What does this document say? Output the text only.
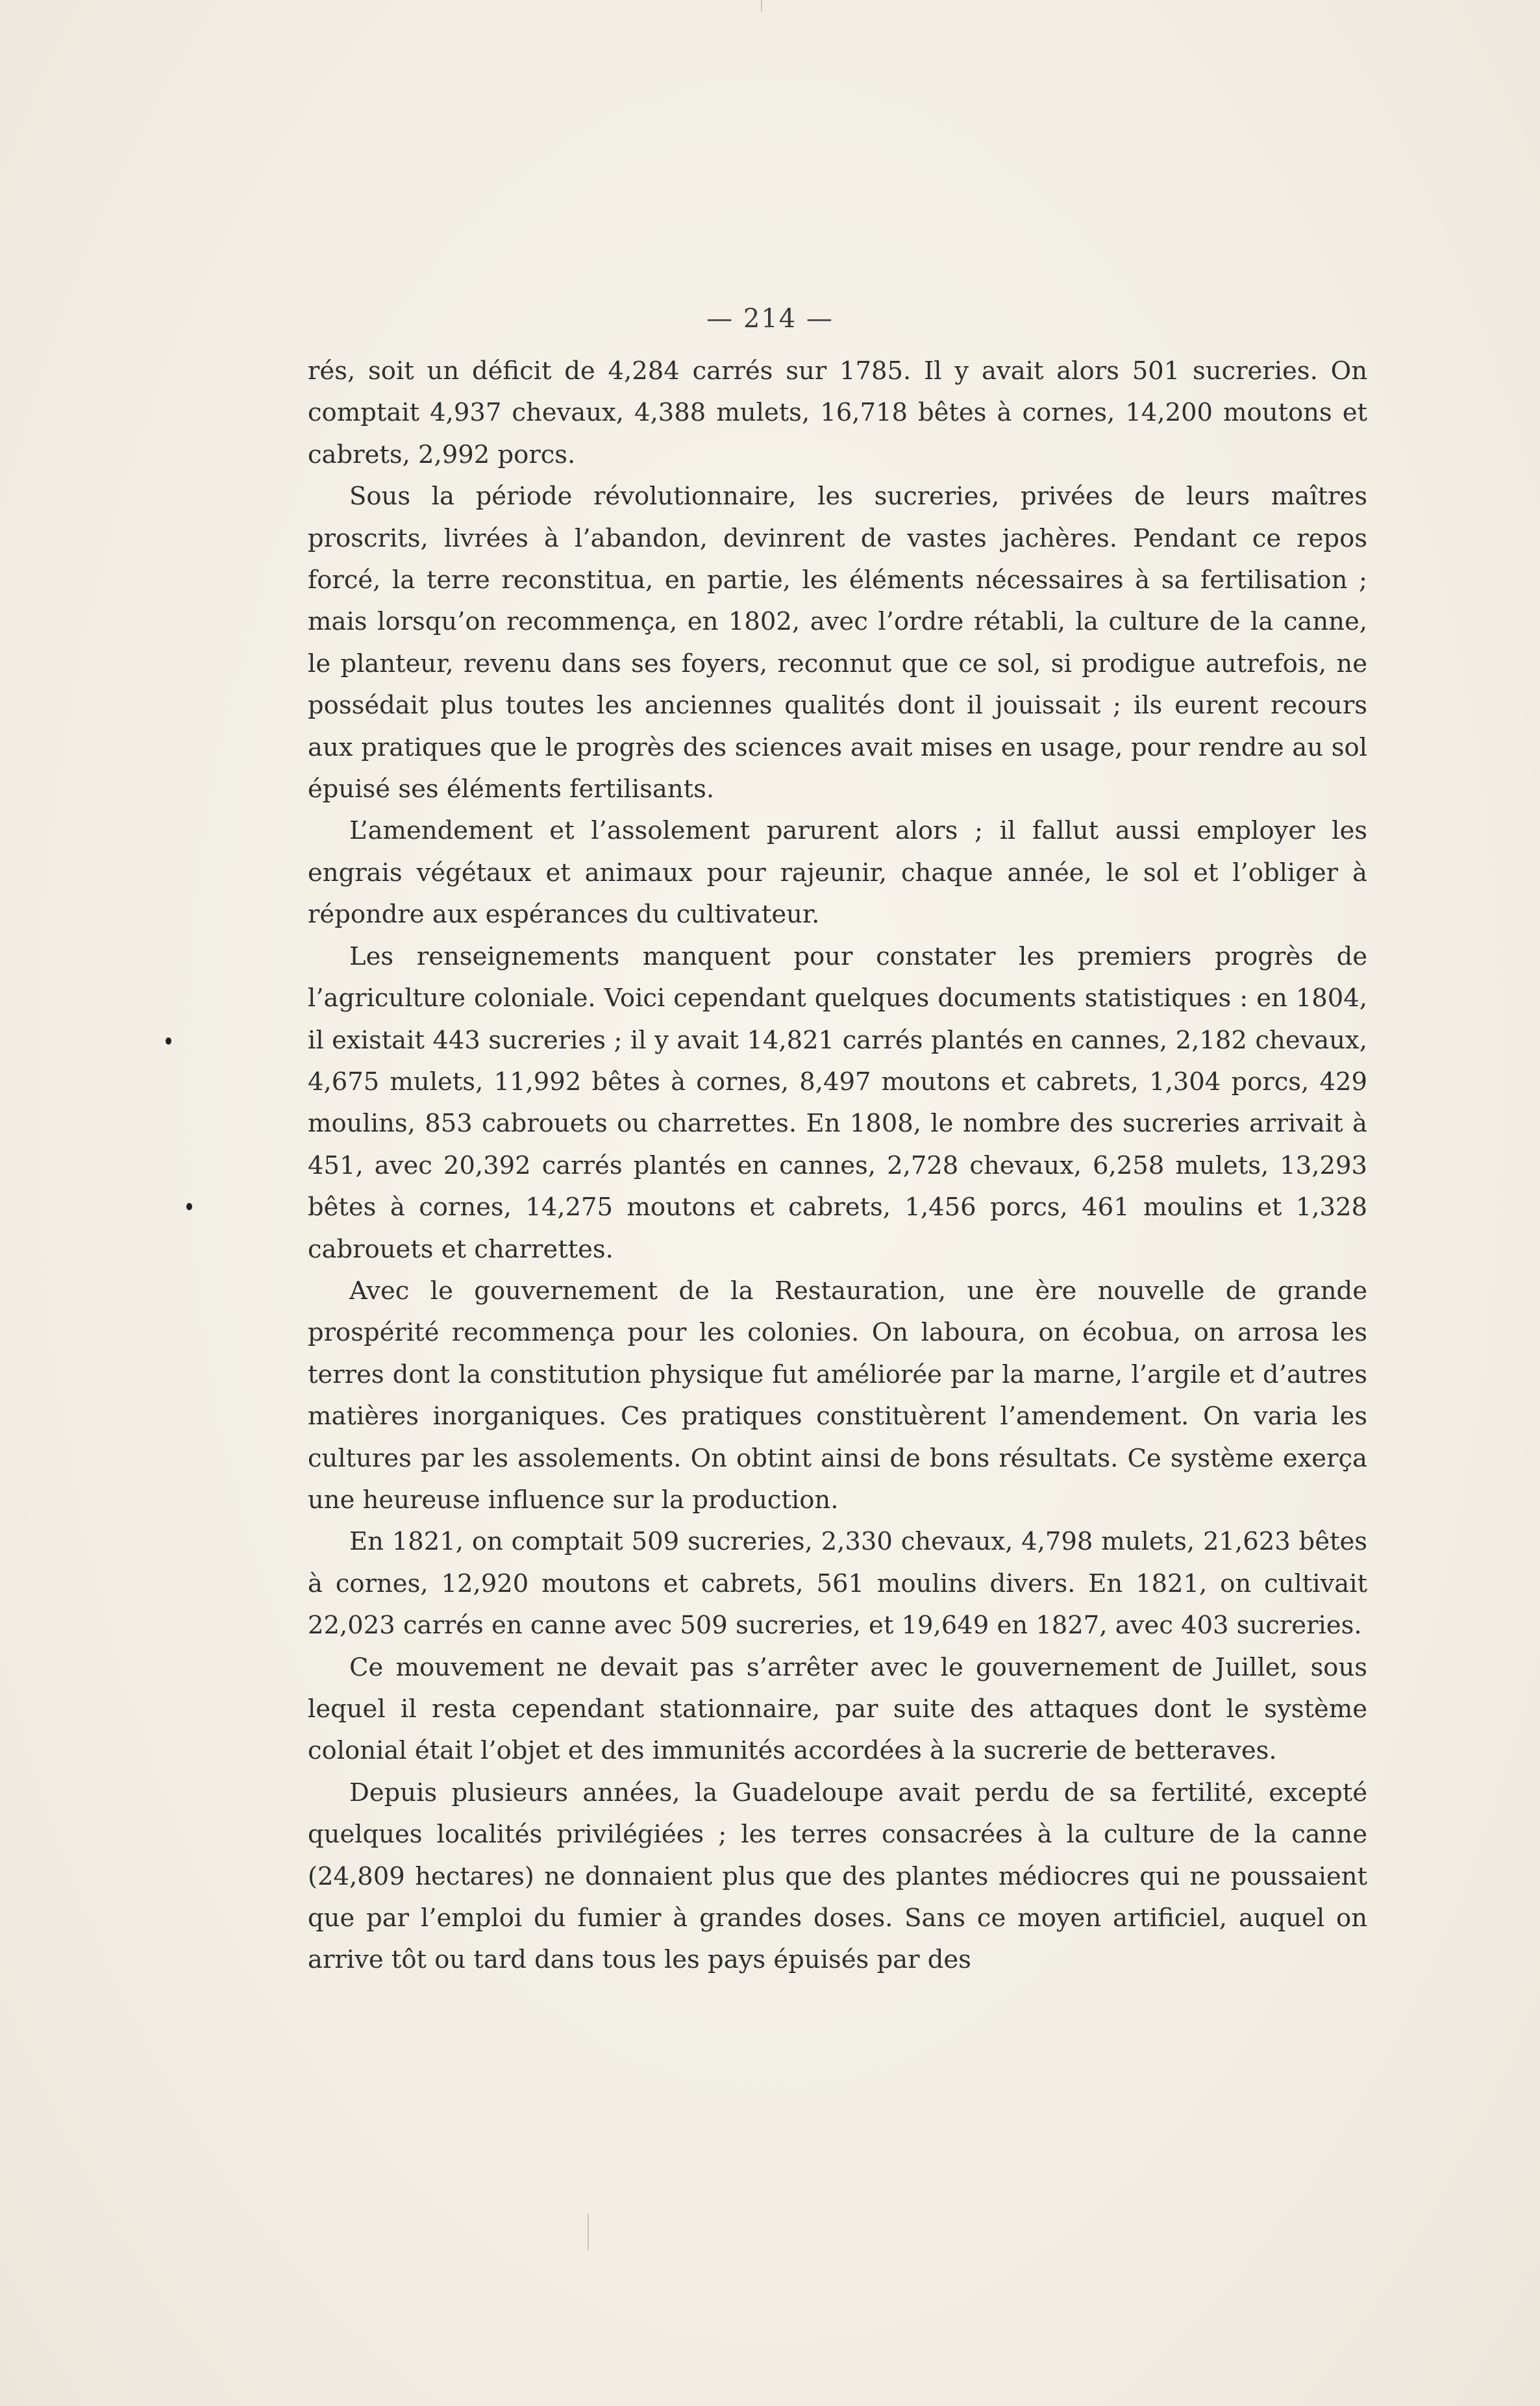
— 214 —

rés, soit un déficit de 4,284 carrés sur 1785. Il y avait alors 501 sucreries. On comptait 4,937 chevaux, 4,388 mulets, 16,718 bêtes à cornes, 14,200 moutons et cabrets, 2,992 porcs.

Sous la période révolutionnaire, les sucreries, privées de leurs maîtres proscrits, livrées à l’abandon, devinrent de vastes jachères. Pendant ce repos forcé, la terre reconstitua, en partie, les éléments nécessaires à sa fertilisation ; mais lorsqu’on recommença, en 1802, avec l’ordre rétabli, la culture de la canne, le planteur, revenu dans ses foyers, reconnut que ce sol, si prodigue autrefois, ne possédait plus toutes les anciennes qualités dont il jouissait ; ils eurent recours aux pratiques que le progrès des sciences avait mises en usage, pour rendre au sol épuisé ses éléments fertilisants.

L’amendement et l’assolement parurent alors ; il fallut aussi employer les engrais végétaux et animaux pour rajeunir, chaque année, le sol et l’obliger à répondre aux espérances du cultivateur.

Les renseignements manquent pour constater les premiers progrès de l’agriculture coloniale. Voici cependant quelques documents statistiques : en 1804, il existait 443 sucreries ; il y avait 14,821 carrés plantés en cannes, 2,182 chevaux, 4,675 mulets, 11,992 bêtes à cornes, 8,497 moutons et cabrets, 1,304 porcs, 429 moulins, 853 cabrouets ou charrettes. En 1808, le nombre des sucreries arrivait à 451, avec 20,392 carrés plantés en cannes, 2,728 chevaux, 6,258 mulets, 13,293 bêtes à cornes, 14,275 moutons et cabrets, 1,456 porcs, 461 moulins et 1,328 cabrouets et charrettes.

Avec le gouvernement de la Restauration, une ère nouvelle de grande prospérité recommença pour les colonies. On laboura, on écobua, on arrosa les terres dont la constitution physique fut améliorée par la marne, l’argile et d’autres matières inorganiques. Ces pratiques constituèrent l’amendement. On varia les cultures par les assolements. On obtint ainsi de bons résultats. Ce système exerça une heureuse influence sur la production.

En 1821, on comptait 509 sucreries, 2,330 chevaux, 4,798 mulets, 21,623 bêtes à cornes, 12,920 moutons et cabrets, 561 moulins divers. En 1821, on cultivait 22,023 carrés en canne avec 509 sucreries, et 19,649 en 1827, avec 403 sucreries.

Ce mouvement ne devait pas s’arrêter avec le gouvernement de Juillet, sous lequel il resta cependant stationnaire, par suite des attaques dont le système colonial était l’objet et des immunités accordées à la sucrerie de betteraves.

Depuis plusieurs années, la Guadeloupe avait perdu de sa fertilité, excepté quelques localités privilégiées ; les terres consacrées à la culture de la canne (24,809 hectares) ne donnaient plus que des plantes médiocres qui ne poussaient que par l’emploi du fumier à grandes doses. Sans ce moyen artificiel, auquel on arrive tôt ou tard dans tous les pays épuisés par des
